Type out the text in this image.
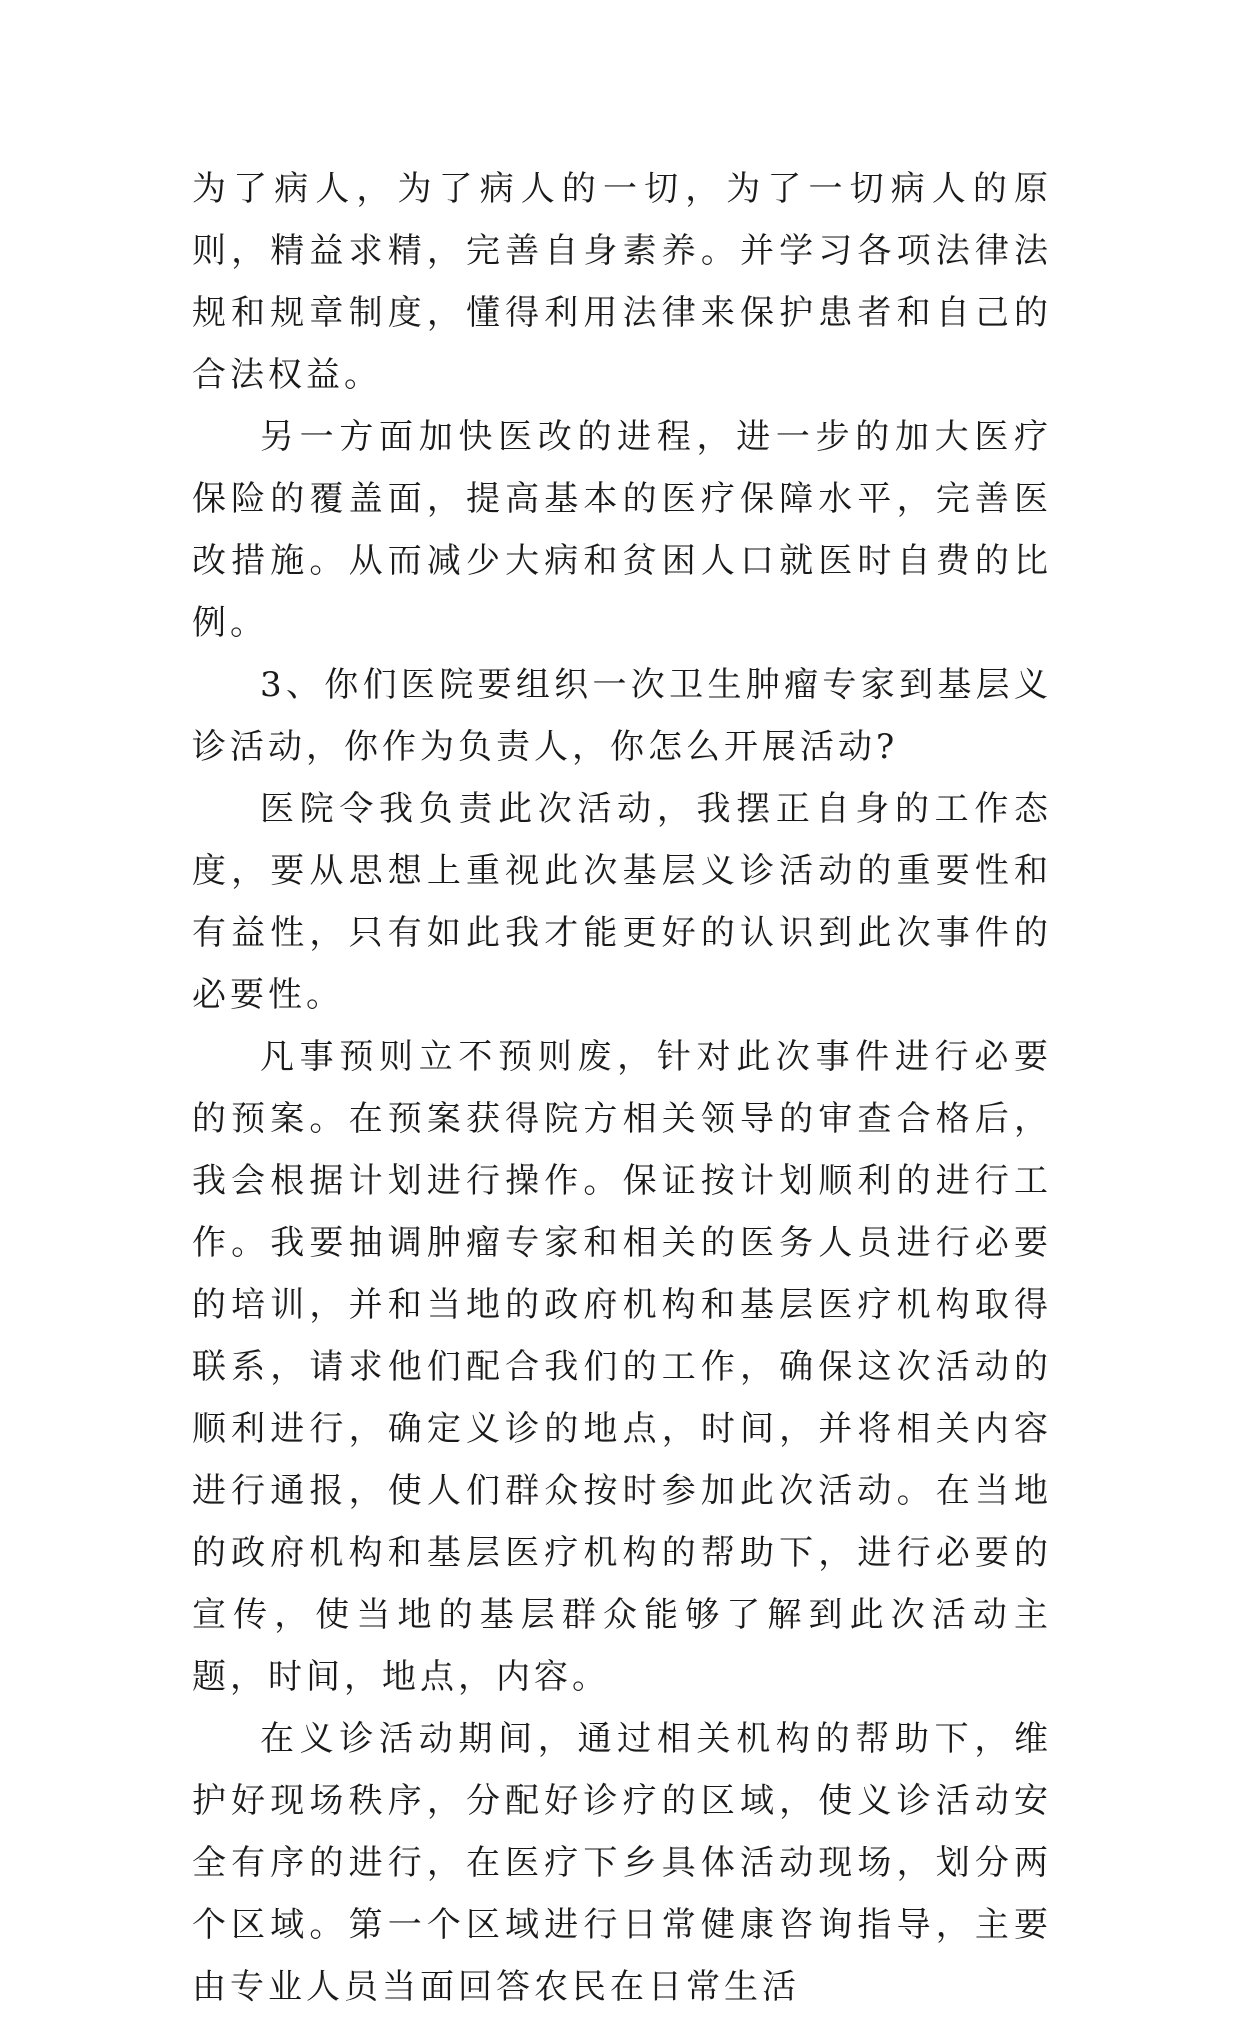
为了病人，为了病人的一切，为了一切病人的原则，精益求精，完善自身素养。并学习各项法律法规和规章制度，懂得利用法律来保护患者和自己的合法权益。

另一方面加快医改的进程，进一步的加大医疗保险的覆盖面，提高基本的医疗保障水平，完善医改措施。从而减少大病和贫困人口就医时自费的比例。

3、你们医院要组织一次卫生肿瘤专家到基层义诊活动，你作为负责人，你怎么开展活动?

医院令我负责此次活动，我摆正自身的工作态度，要从思想上重视此次基层义诊活动的重要性和有益性，只有如此我才能更好的认识到此次事件的必要性。

凡事预则立不预则废，针对此次事件进行必要的预案。在预案获得院方相关领导的审查合格后，我会根据计划进行操作。保证按计划顺利的进行工作。我要抽调肿瘤专家和相关的医务人员进行必要的培训，并和当地的政府机构和基层医疗机构取得联系，请求他们配合我们的工作，确保这次活动的顺利进行，确定义诊的地点，时间，并将相关内容进行通报，使人们群众按时参加此次活动。在当地的政府机构和基层医疗机构的帮助下，进行必要的宣传，使当地的基层群众能够了解到此次活动主题，时间，地点，内容。

在义诊活动期间，通过相关机构的帮助下，维护好现场秩序，分配好诊疗的区域，使义诊活动安全有序的进行，在医疗下乡具体活动现场，划分两个区域。第一个区域进行日常健康咨询指导，主要由专业人员当面回答农民在日常生活
